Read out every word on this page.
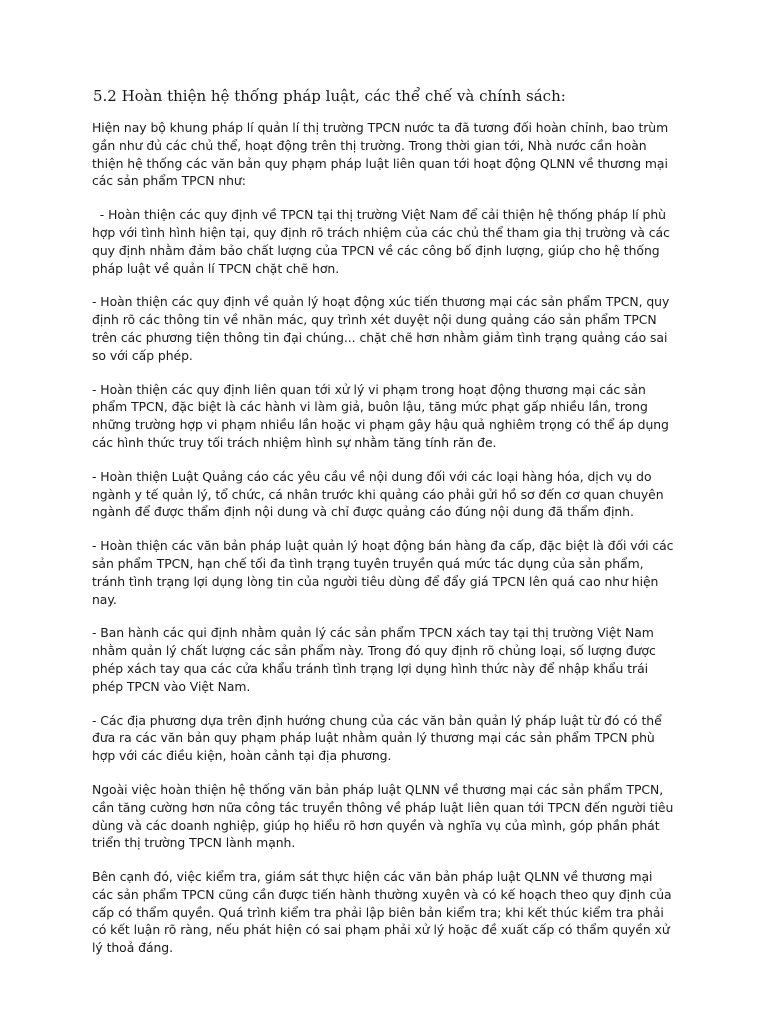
5.2 Hoàn thiện hệ thống pháp luật, các thể chế và chính sách:

Hiện nay bộ khung pháp lí quản lí thị trường TPCN nước ta đã tương đối hoàn chỉnh, bao trùm gần như đủ các chủ thể, hoạt động trên thị trường. Trong thời gian tới, Nhà nước cần hoàn thiện hệ thống các văn bản quy phạm pháp luật liên quan tới hoạt động QLNN về thương mại các sản phẩm TPCN như:

- Hoàn thiện các quy định về TPCN tại thị trường Việt Nam để cải thiện hệ thống pháp lí phù hợp với tình hình hiện tại, quy định rõ trách nhiệm của các chủ thể tham gia thị trường và các quy định nhằm đảm bảo chất lượng của TPCN về các công bố định lượng, giúp cho hệ thống pháp luật về quản lí TPCN chặt chẽ hơn.

- Hoàn thiện các quy định về quản lý hoạt động xúc tiến thương mại các sản phẩm TPCN, quy định rõ các thông tin về nhãn mác, quy trình xét duyệt nội dung quảng cáo sản phẩm TPCN trên các phương tiện thông tin đại chúng... chặt chẽ hơn nhằm giảm tình trạng quảng cáo sai so với cấp phép.

- Hoàn thiện các quy định liên quan tới xử lý vi phạm trong hoạt động thương mại các sản phẩm TPCN, đặc biệt là các hành vi làm giả, buôn lậu, tăng mức phạt gấp nhiều lần, trong những trường hợp vi phạm nhiều lần hoặc vi phạm gây hậu quả nghiêm trọng có thể áp dụng các hình thức truy tối trách nhiệm hình sự nhằm tăng tính răn đe.

- Hoàn thiện Luật Quảng cáo các yêu cầu về nội dung đối với các loại hàng hóa, dịch vụ do ngành y tế quản lý, tổ chức, cá nhân trước khi quảng cáo phải gửi hồ sơ đến cơ quan chuyên ngành để được thẩm định nội dung và chỉ được quảng cáo đúng nội dung đã thẩm định.

- Hoàn thiện các văn bản pháp luật quản lý hoạt động bán hàng đa cấp, đặc biệt là đối với các sản phẩm TPCN, hạn chế tối đa tình trạng tuyên truyền quá mức tác dụng của sản phẩm, tránh tình trạng lợi dụng lòng tin của người tiêu dùng để đẩy giá TPCN lên quá cao như hiện nay.

- Ban hành các qui định nhằm quản lý các sản phẩm TPCN xách tay tại thị trường Việt Nam nhằm quản lý chất lượng các sản phẩm này. Trong đó quy định rõ chủng loại, số lượng được phép xách tay qua các cửa khẩu tránh tình trạng lợi dụng hình thức này để nhập khẩu trái phép TPCN vào Việt Nam.

- Các địa phương dựa trên định hướng chung của các văn bản quản lý pháp luật từ đó có thể đưa ra các văn bản quy phạm pháp luật nhằm quản lý thương mại các sản phẩm TPCN phù hợp với các điều kiện, hoàn cảnh tại địa phương.

Ngoài việc hoàn thiện hệ thống văn bản pháp luật QLNN về thương mại các sản phẩm TPCN, cần tăng cường hơn nữa công tác truyền thông về pháp luật liên quan tới TPCN đến người tiêu dùng và các doanh nghiệp, giúp họ hiểu rõ hơn quyền và nghĩa vụ của mình, góp phần phát triển thị trường TPCN lành mạnh.

Bên cạnh đó, việc kiểm tra, giám sát thực hiện các văn bản pháp luật QLNN về thương mại các sản phẩm TPCN cũng cần được tiến hành thường xuyên và có kế hoạch theo quy định của cấp có thẩm quyền. Quá trình kiểm tra phải lập biên bản kiểm tra; khi kết thúc kiểm tra phải có kết luận rõ ràng, nếu phát hiện có sai phạm phải xử lý hoặc đề xuất cấp có thẩm quyền xử lý thoả đáng.
